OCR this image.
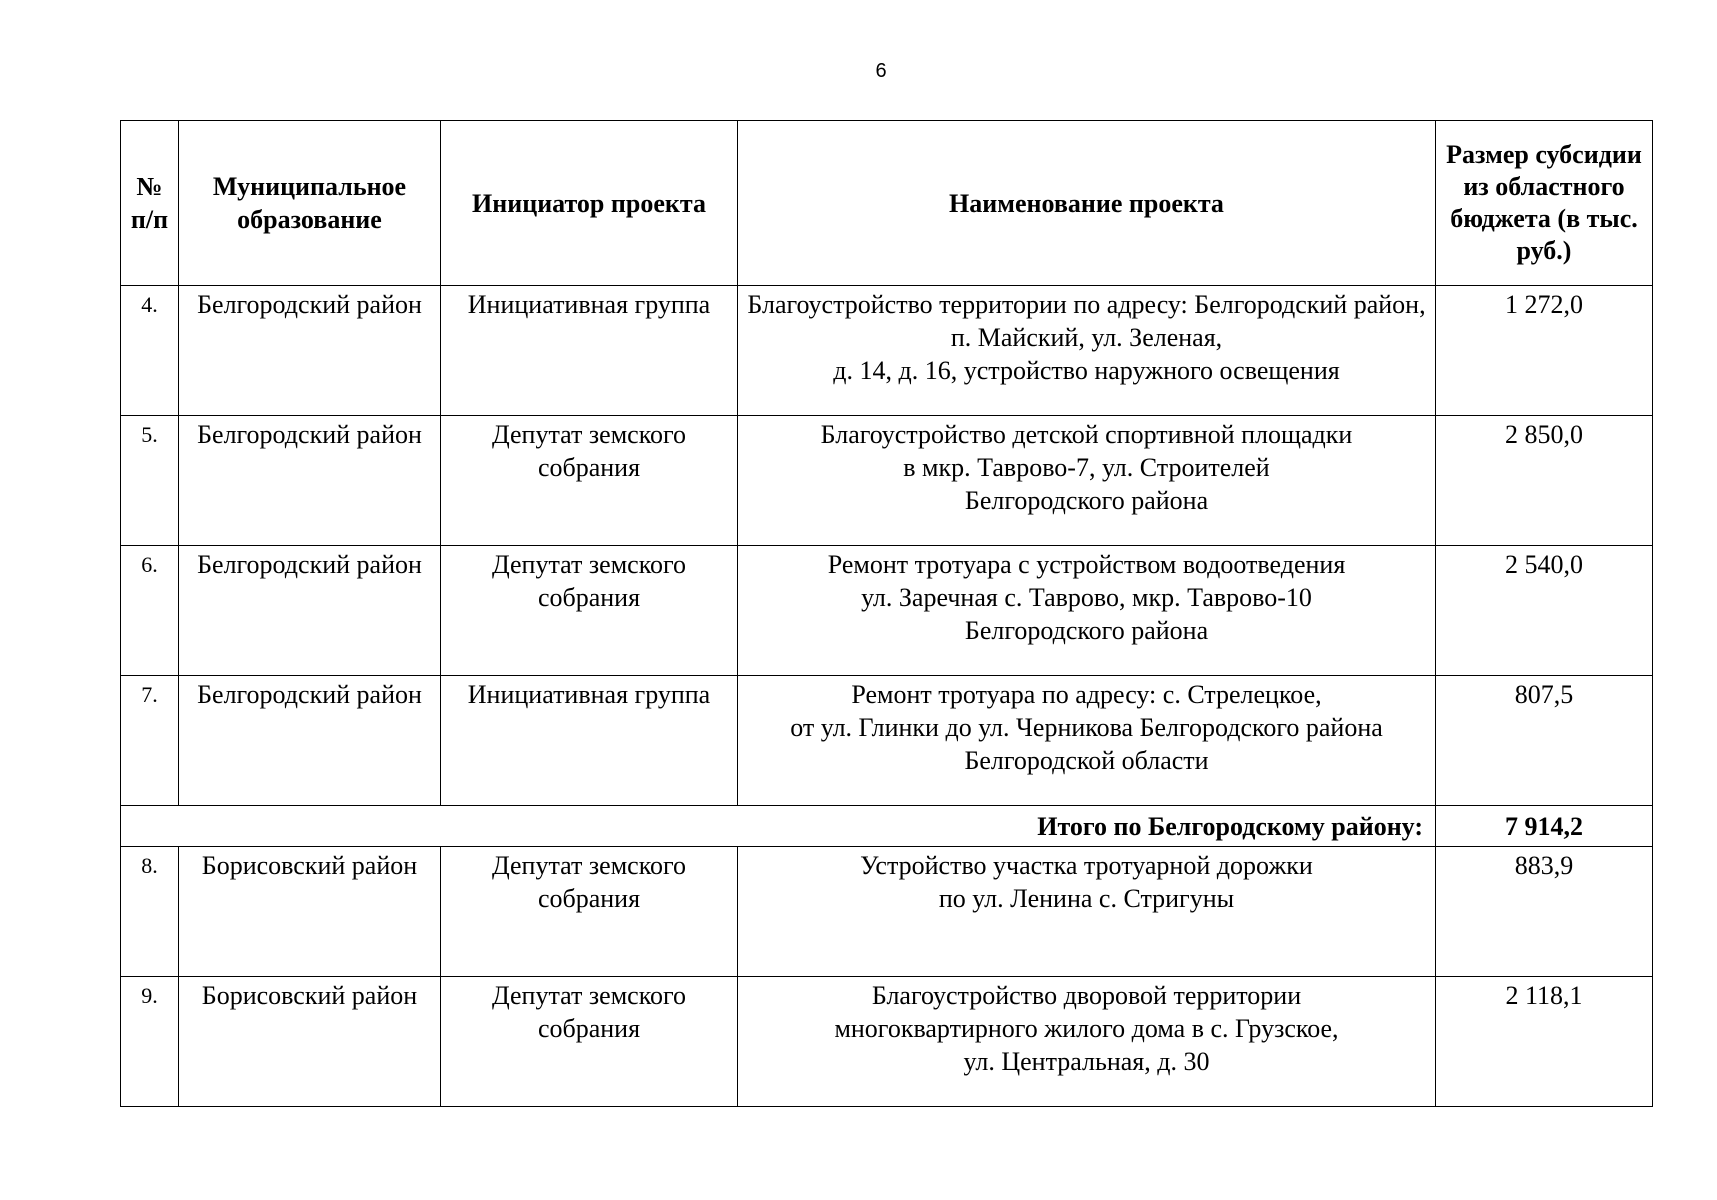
6
№ п/п	Муниципальное образование	Инициатор проекта	Наименование проекта	Размер субсидии из областного бюджета (в тыс. руб.)
4.	Белгородский район	Инициативная группа	Благоустройство территории по адресу: Белгородский район, п. Майский, ул. Зеленая,
д. 14, д. 16, устройство наружного освещения	1 272,0
5.	Белгородский район	Депутат земского собрания	Благоустройство детской спортивной площадки
в мкр. Таврово-7, ул. Строителей
Белгородского района	2 850,0
6.	Белгородский район	Депутат земского собрания	Ремонт тротуара с устройством водоотведения
ул. Заречная с. Таврово, мкр. Таврово-10
Белгородского района	2 540,0
7.	Белгородский район	Инициативная группа	Ремонт тротуара по адресу: с. Стрелецкое,
от ул. Глинки до ул. Черникова Белгородского района
Белгородской области	807,5
Итого по Белгородскому району:				7 914,2
8.	Борисовский район	Депутат земского собрания	Устройство участка тротуарной дорожки
по ул. Ленина с. Стригуны	883,9
9.	Борисовский район	Депутат земского собрания	Благоустройство дворовой территории
многоквартирного жилого дома в с. Грузское,
ул. Центральная, д. 30	2 118,1
